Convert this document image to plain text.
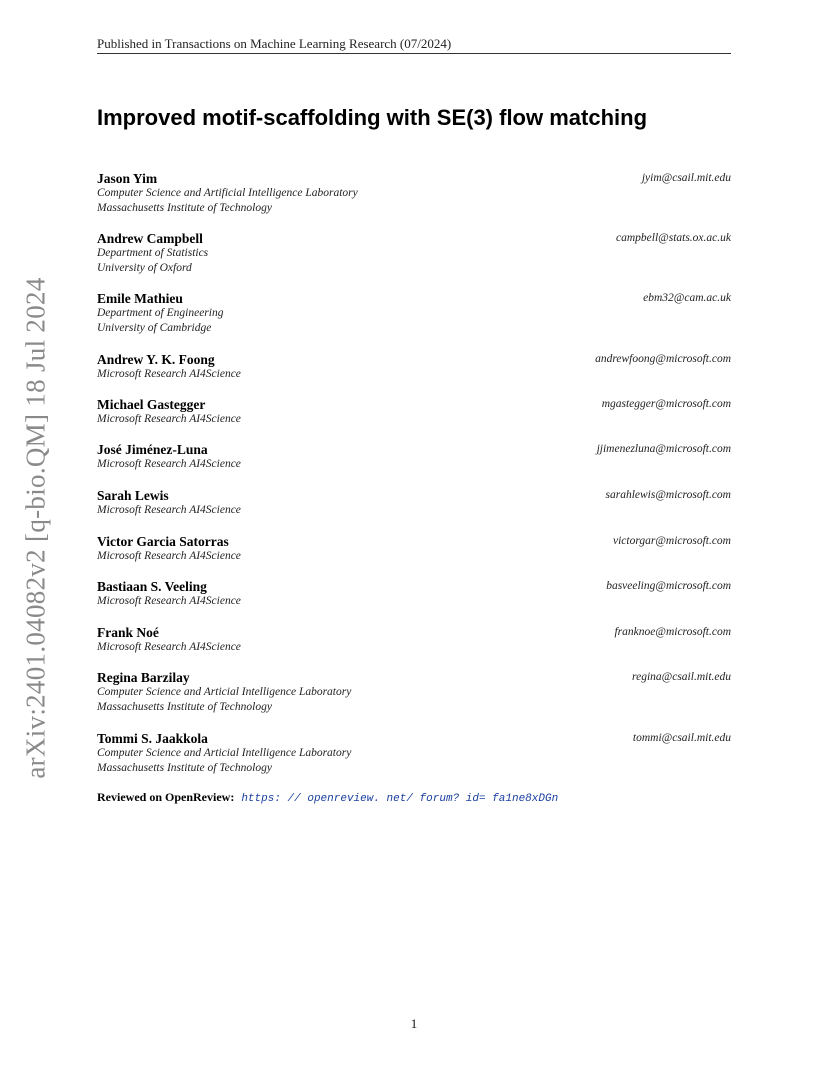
Published in Transactions on Machine Learning Research (07/2024)
Improved motif-scaffolding with SE(3) flow matching
arXiv:2401.04082v2 [q-bio.QM] 18 Jul 2024
Jason Yim	jyim@csail.mit.edu
Computer Science and Artificial Intelligence Laboratory
Massachusetts Institute of Technology
Andrew Campbell	campbell@stats.ox.ac.uk
Department of Statistics
University of Oxford
Emile Mathieu	ebm32@cam.ac.uk
Department of Engineering
University of Cambridge
Andrew Y. K. Foong	andrewfoong@microsoft.com
Microsoft Research AI4Science
Michael Gastegger	mgastegger@microsoft.com
Microsoft Research AI4Science
José Jiménez-Luna	jjimenezluna@microsoft.com
Microsoft Research AI4Science
Sarah Lewis	sarahlewis@microsoft.com
Microsoft Research AI4Science
Victor Garcia Satorras	victorgar@microsoft.com
Microsoft Research AI4Science
Bastiaan S. Veeling	basveeling@microsoft.com
Microsoft Research AI4Science
Frank Noé	franknoe@microsoft.com
Microsoft Research AI4Science
Regina Barzilay	regina@csail.mit.edu
Computer Science and Articial Intelligence Laboratory
Massachusetts Institute of Technology
Tommi S. Jaakkola	tommi@csail.mit.edu
Computer Science and Articial Intelligence Laboratory
Massachusetts Institute of Technology
Reviewed on OpenReview: https: // openreview. net/ forum? id= fa1ne8xDGn
1
